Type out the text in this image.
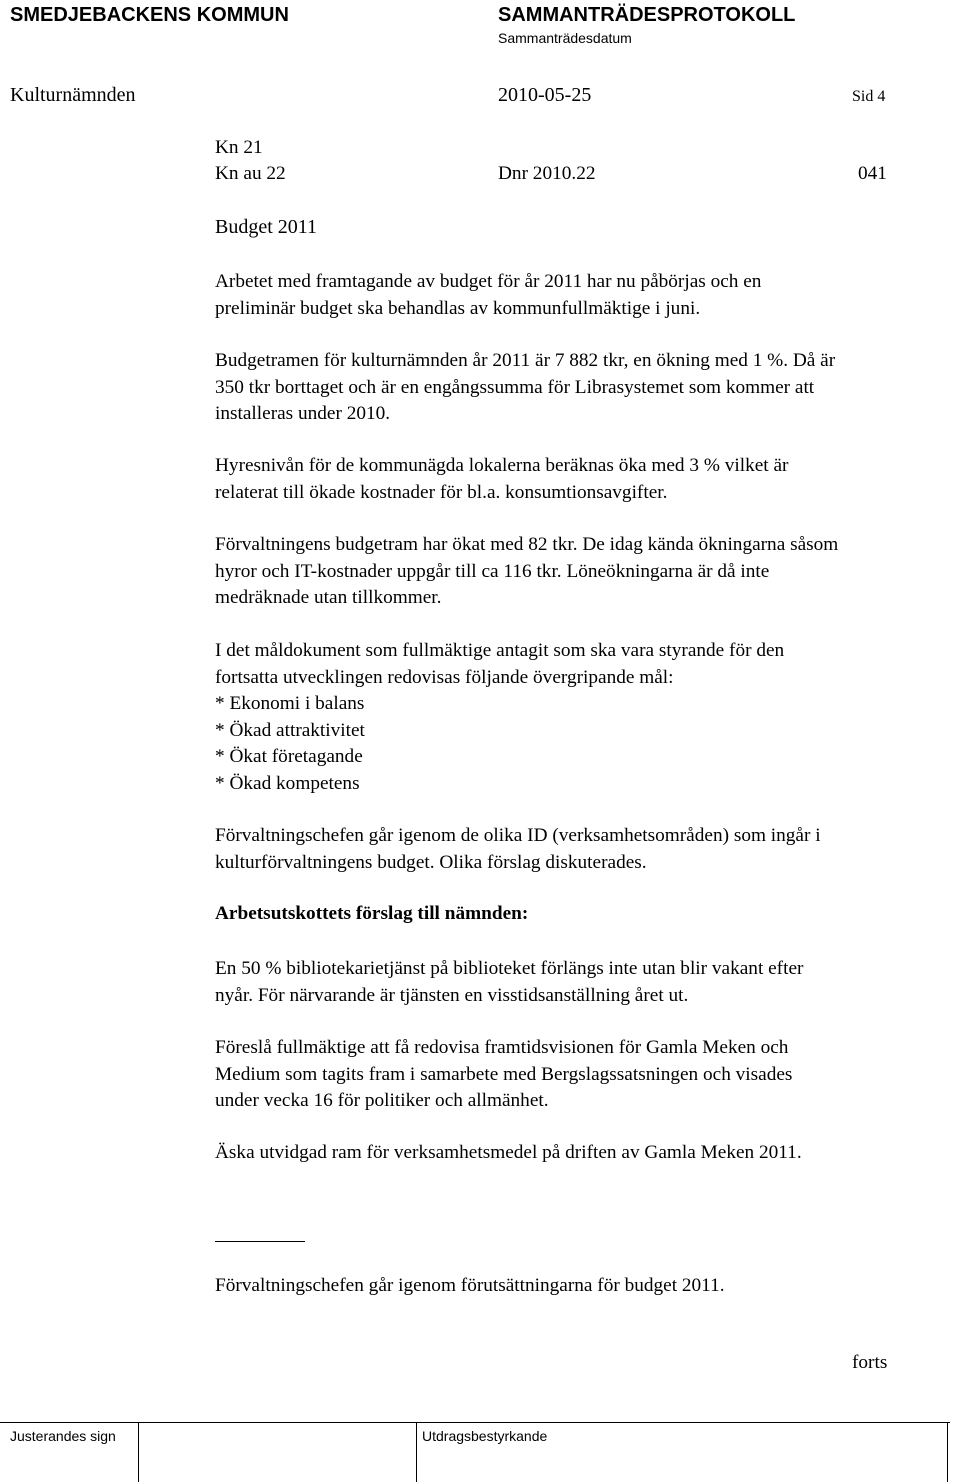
SMEDJEBACKENS KOMMUN	SAMMANTRÄDESPROTOKOLL
Sammanträdesdatum
Kulturnämnden	2010-05-25	Sid 4
Kn 21
Kn au 22	Dnr 2010.22	041
Budget 2011

Arbetet med framtagande av budget för år 2011 har nu påbörjas och en
preliminär budget ska behandlas av kommunfullmäktige i juni.

Budgetramen för kulturnämnden år 2011 är 7 882 tkr, en ökning med 1 %. Då är
350 tkr borttaget och är en engångssumma för Librasystemet som kommer att
installeras under 2010.

Hyresnivån för de kommunägda lokalerna beräknas öka med 3 % vilket är
relaterat till ökade kostnader för bl.a. konsumtionsavgifter.

Förvaltningens budgetram har ökat med 82 tkr. De idag kända ökningarna såsom
hyror och IT-kostnader uppgår till ca 116 tkr. Löneökningarna är då inte
medräknade utan tillkommer.

I det måldokument som fullmäktige antagit som ska vara styrande för den
fortsatta utvecklingen redovisas följande övergripande mål:
* Ekonomi i balans
* Ökad attraktivitet
* Ökat företagande
* Ökad kompetens

Förvaltningschefen går igenom de olika ID (verksamhetsområden) som ingår i
kulturförvaltningens budget. Olika förslag diskuterades.

Arbetsutskottets förslag till nämnden:

En 50 % bibliotekarietjänst på biblioteket förlängs inte utan blir vakant efter
nyår. För närvarande är tjänsten en visstidsanställning året ut.

Föreslå fullmäktige att få redovisa framtidsvisionen för Gamla Meken och
Medium som tagits fram i samarbete med Bergslagssatsningen och visades
under vecka 16 för politiker och allmänhet.

Äska utvidgad ram för verksamhetsmedel på driften av Gamla Meken 2011.

Förvaltningschefen går igenom förutsättningarna för budget 2011.

forts
Justerandes sign	Utdragsbestyrkande
